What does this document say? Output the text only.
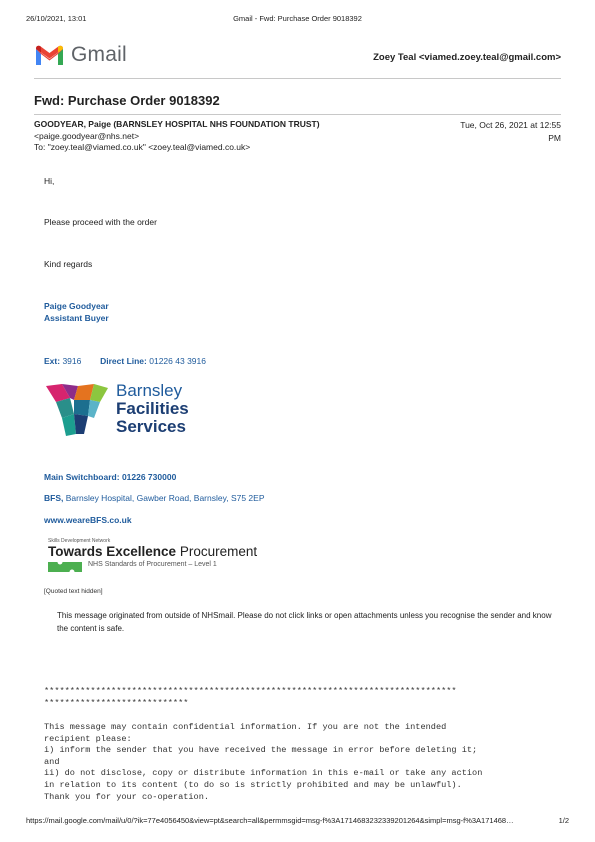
26/10/2021, 13:01	Gmail - Fwd: Purchase Order 9018392
Gmail	Zoey Teal <viamed.zoey.teal@gmail.com>
Fwd: Purchase Order 9018392
GOODYEAR, Paige (BARNSLEY HOSPITAL NHS FOUNDATION TRUST)
<paige.goodyear@nhs.net>
To: "zoey.teal@viamed.co.uk" <zoey.teal@viamed.co.uk>
Tue, Oct 26, 2021 at 12:55
PM
Hi,
Please proceed with the order
Kind regards
Paige Goodyear
Assistant Buyer
Ext: 3916 Direct Line: 01226 43 3916
Barnsley
Facilities
Services
Main Switchboard: 01226 730000
BFS, Barnsley Hospital, Gawber Road, Barnsley, S75 2EP
www.weareBFS.co.uk
Skills Development Network
Towards Excellence Procurement
NHS Standards of Procurement – Level 1
[Quoted text hidden]
This message originated from outside of NHSmail. Please do not click links or open attachments unless you recognise the sender and know the content is safe.
********************************************************************************
****************************
This message may contain confidential information. If you are not the intended
recipient please:
i) inform the sender that you have received the message in error before deleting it;
and
ii) do not disclose, copy or distribute information in this e-mail or take any action
in relation to its content (to do so is strictly prohibited and may be unlawful).
Thank you for your co-operation.
https://mail.google.com/mail/u/0/?ik=77e4056450&view=pt&search=all&permmsgid=msg-f%3A1714683232339201264&simpl=msg-f%3A171468…	1/2
